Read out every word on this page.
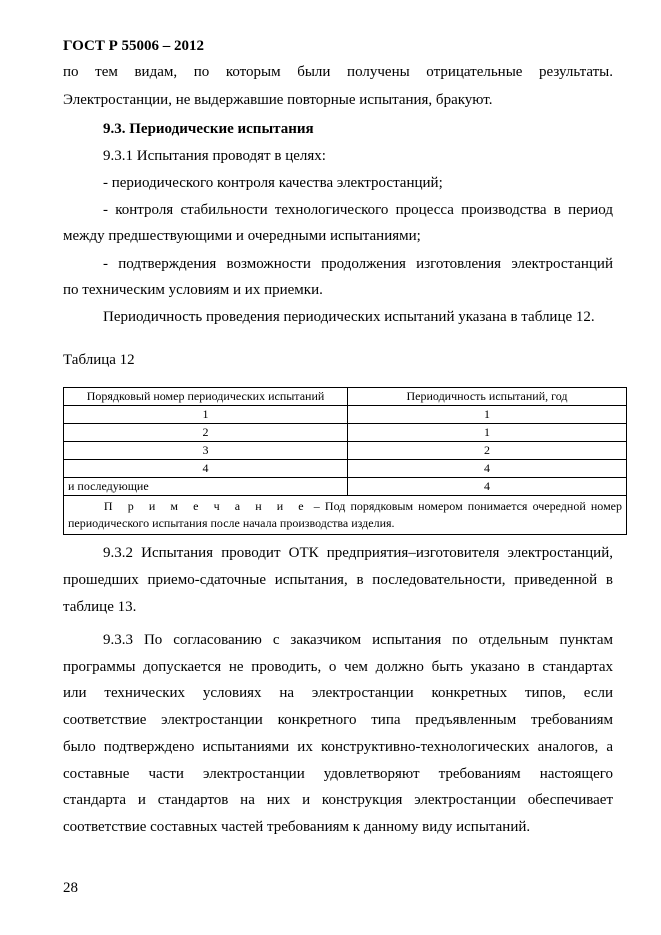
ГОСТ Р 55006 – 2012
по тем видам, по которым были получены отрицательные результаты.
Электростанции, не выдержавшие повторные испытания, бракуют.
9.3. Периодические испытания
9.3.1 Испытания проводят в целях:
- периодического контроля качества электростанций;
- контроля стабильности технологического процесса производства в период
между предшествующими и очередными испытаниями;
- подтверждения возможности продолжения изготовления электростанций
по техническим условиям и их приемки.
Периодичность проведения периодических испытаний указана в таблице 12.
Таблица 12
Порядковый номер периодических испытаний	Периодичность испытаний, год
1	1
2	1
3	2
4	4
и последующие	4
П р и м е ч а н и е – Под порядковым номером понимается очередной номер периодического испытания после начала производства изделия.	
9.3.2 Испытания проводит ОТК предприятия–изготовителя электростанций,
прошедших приемо-сдаточные испытания, в последовательности, приведенной в
таблице 13.
9.3.3 По согласованию с заказчиком испытания по отдельным пунктам
программы допускается не проводить, о чем должно быть указано в стандартах
или технических условиях на электростанции конкретных типов, если
соответствие электростанции конкретного типа предъявленным требованиям
было подтверждено испытаниями их конструктивно-технологических аналогов, а
составные части электростанции удовлетворяют требованиям настоящего
стандарта и стандартов на них и конструкция электростанции обеспечивает
соответствие составных частей требованиям к данному виду испытаний.
28
